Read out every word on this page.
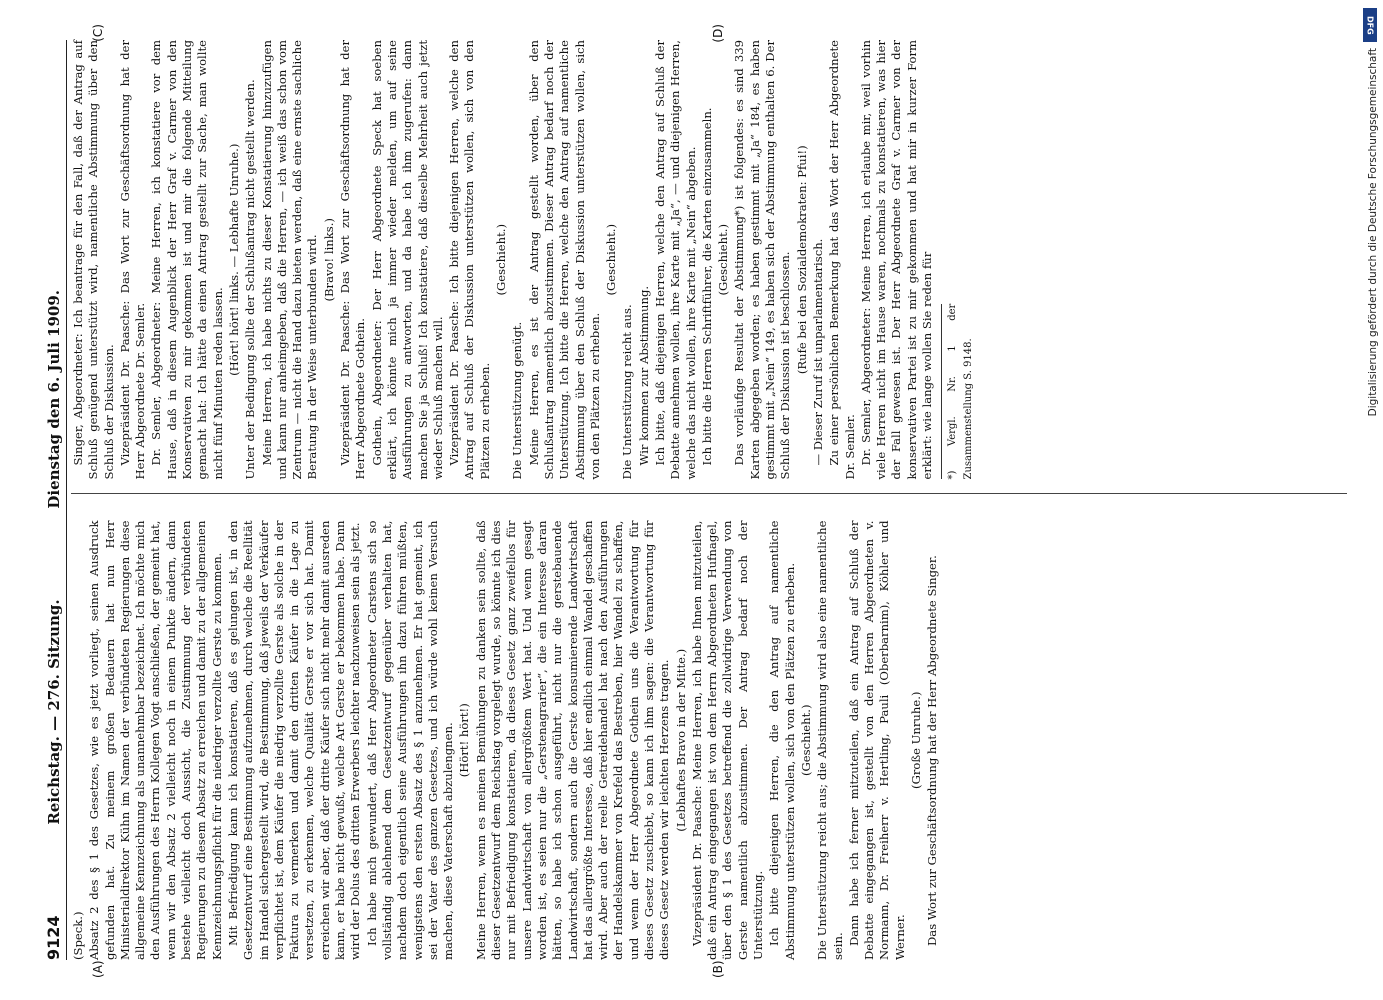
9124
Reichstag. — 276. Sitzung.
Dienstag den 6. Juli 1909.
(A)	(B)

(Speck.) Absatz 2 des § 1 des Gesetzes, wie es jetzt vorliegt, seinen Ausdruck gefunden hat. Zu meinem großen Bedauern hat nun Herr Ministerialdirektor Kühn im Namen der verbündeten Regierungen diese allgemeine Kennzeichnung als unannehmbar bezeichnet. Ich möchte mich den Ausführungen des Herrn Kollegen Vogt anschließen, der gemeint hat, wenn wir den Absatz 2 vielleicht noch in einem Punkte ändern, dann bestehe vielleicht doch Aussicht, die Zustimmung der verbündeten Regierungen zu diesem Absatz zu erreichen und damit zu der allgemeinen Kennzeichnungspflicht für die niedriger verzollte Gerste zu kommen. Mit Befriedigung kann ich konstatieren, daß es gelungen ist, in den Gesetzentwurf eine Bestimmung aufzunehmen, durch welche die Reellität im Handel sichergestellt wird, die Bestimmung, daß jeweils der Verkäufer verpflichtet ist, dem Käufer die niedrig verzollte Gerste als solche in der Faktura zu vermerken und damit den dritten Käufer in die Lage zu versetzen, zu erkennen, welche Qualität Gerste er vor sich hat. Damit erreichen wir aber, daß der dritte Käufer sich nicht mehr damit ausreden kann, er habe nicht gewußt, welche Art Gerste er bekommen habe. Dann wird der Dolus des dritten Erwerbers leichter nachzuweisen sein als jetzt. Ich habe mich gewundert, daß Herr Abgeordneter Carstens sich so vollständig ablehnend dem Gesetzentwurf gegenüber verhalten hat, nachdem doch eigentlich seine Ausführungen ihn dazu führen müßten, wenigstens den ersten Absatz des § 1 anzunehmen. Er hat gemeint, ich sei der Vater des ganzen Gesetzes, und ich würde wohl keinen Versuch machen, diese Vaterschaft abzulengnen. (Hört! hört!) Meine Herren, wenn es meinen Bemühungen zu danken sein sollte, daß dieser Gesetzentwurf dem Reichstag vorgelegt wurde, so könnte ich dies nur mit Befriedigung konstatieren, da dieses Gesetz ganz zweifellos für unsere Landwirtschaft von allergrößtem Wert hat. Und wenn gesagt worden ist, es seien nur die „Gerstenagrarier“, die ein Interesse daran hätten, so habe ich schon ausgeführt, nicht nur die gerstebauende Landwirtschaft, sondern auch die Gerste konsumierende Landwirtschaft hat das allergrößte Interesse, daß hier endlich einmal Wandel geschaffen wird. Aber auch der reelle Getreidehandel hat nach den Ausführungen der Handelskammer von Krefeld das Bestreben, hier Wandel zu schaffen, und wenn der Herr Abgeordnete Gothein uns die Verantwortung für dieses Gesetz zuschiebt, so kann ich ihm sagen: die Verantwortung für dieses Gesetz werden wir leichten Herzens tragen. (Lebhaftes Bravo in der Mitte.) Vizepräsident Dr. Paasche: Meine Herren, ich habe Ihnen mitzuteilen, daß ein Antrag eingegangen ist von dem Herrn Abgeordneten Hufnagel, über den § 1 des Gesetzes betreffend die zollwidrige Verwendung von Gerste namentlich abzustimmen. Der Antrag bedarf noch der Unterstützung. Ich bitte diejenigen Herren, die den Antrag auf namentliche Abstimmung unterstützen wollen, sich von den Plätzen zu erheben. (Geschieht.) Die Unterstützung reicht aus; die Abstimmung wird also eine namentliche sein.

Dann habe ich ferner mitzuteilen, daß ein Antrag auf Schluß der Debatte eingegangen ist, gestellt von den Herren Abgeordneten v. Normann, Dr. Freiherr v. Hertling, Pauli (Oberbarnim), Köhler und Werner.

(Große Unruhe.) Das Wort zur Geschäftsordnung hat der Herr Abgeordnete Singer.

(C)	(D)

Singer, Abgeordneter: Ich beantrage für den Fall, daß der Antrag auf Schluß genügend unterstützt wird, namentliche Abstimmung über den Schluß der Diskussion. Vizepräsident Dr. Paasche: Das Wort zur Geschäftsordnung hat der Herr Abgeordnete Dr. Semler. Dr. Semler, Abgeordneter: Meine Herren, ich konstatiere vor dem Hause, daß in diesem Augenblick der Herr Graf v. Carmer von den Konservativen zu mir gekommen ist und mir die folgende Mitteilung gemacht hat: Ich hätte da einen Antrag gestellt zur Sache, man wollte nicht fünf Minuten reden lassen.

(Hört! hört! links. — Lebhafte Unruhe.) Unter der Bedingung sollte der Schlußantrag nicht gestellt werden. Meine Herren, ich habe nichts zu dieser Konstatierung hinzuzufügen und kann nur anheimgeben, daß die Herren, — ich weiß das schon vom Zentrum — nicht die Hand dazu bieten werden, daß eine ernste sachliche Beratung in der Weise unterbunden wird. (Bravo! links.) Vizepräsident Dr. Paasche: Das Wort zur Geschäftsordnung hat der Herr Abgeordnete Gothein. Gothein, Abgeordneter: Der Herr Abgeordnete Speck hat soeben erklärt, ich könnte mich ja immer wieder melden, um auf seine Ausführungen zu antworten, und da habe ich ihm zugerufen: dann machen Sie ja Schluß! Ich konstatiere, daß dieselbe Mehrheit auch jetzt wieder Schluß machen will. Vizepräsident Dr. Paasche: Ich bitte diejenigen Herren, welche den Antrag auf Schluß der Diskussion unterstützen wollen, sich von den Plätzen zu erheben.

(Geschieht.)

Die Unterstützung genügt. Meine Herren, es ist der Antrag gestellt worden, über den Schlußantrag namentlich abzustimmen. Dieser Antrag bedarf noch der Unterstützung. Ich bitte die Herren, welche den Antrag auf namentliche Abstimmung über den Schluß der Diskussion unterstützen wollen, sich von den Plätzen zu erheben.

(Geschieht.)

Die Unterstützung reicht aus. Wir kommen zur Abstimmung. Ich bitte, daß diejenigen Herren, welche den Antrag auf Schluß der Debatte annehmen wollen, ihre Karte mit „Ja“, — und diejenigen Herren, welche das nicht wollen, ihre Karte mit „Nein“ abgeben. Ich bitte die Herren Schriftführer, die Karten einzusammeln. (Geschieht.) Das vorläufige Resultat der Abstimmung*) ist folgendes: es sind 339 Karten abgegeben worden; es haben gestimmt mit „Ja“ 184, es haben gestimmt mit „Nein“ 149, es haben sich der Abstimmung enthalten 6. Der Schluß der Diskussion ist beschlossen. (Rufe bei den Sozialdemokraten: Pfui!) — Dieser Zuruf ist unparlamentarisch. Zu einer persönlichen Bemerkung hat das Wort der Herr Abgeordnete Dr. Semler. Dr. Semler, Abgeordneter: Meine Herren, ich erlaube mir, weil vorhin viele Herren nicht im Hause waren, nochmals zu konstatieren, was hier der Fall gewesen ist. Der Herr Abgeordnete Graf v. Carmer von der konservativen Partei ist zu mir gekommen und hat mir in kurzer Form erklärt: wie lange wollen Sie reden für	*) Vergl. Nr. 1 der Zusammenstellung S. 9148.
DFG
Digitalisierung gefördert durch die Deutsche Forschungsgemeinschaft
